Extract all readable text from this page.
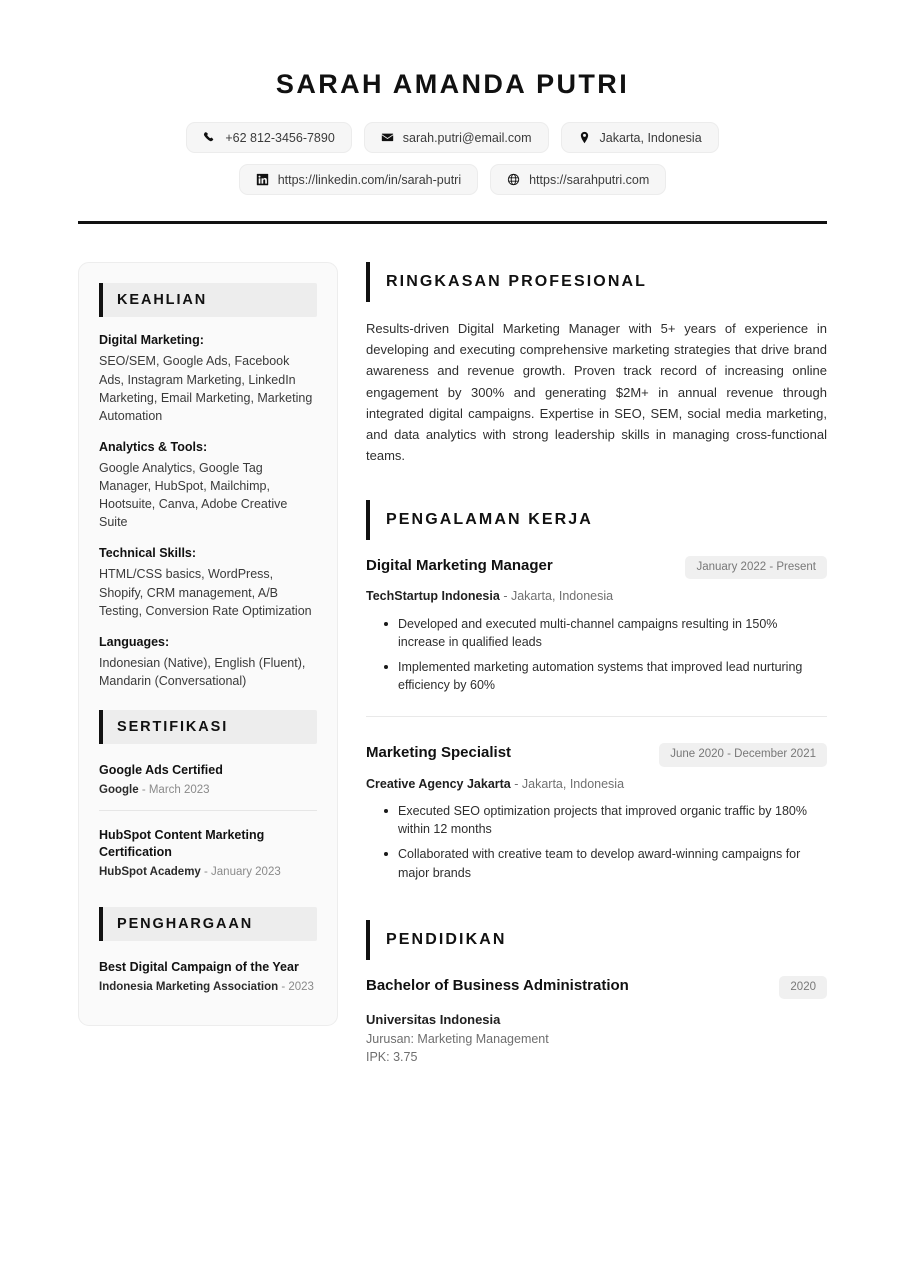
SARAH AMANDA PUTRI
+62 812-3456-7890	sarah.putri@email.com	Jakarta, Indonesia
https://linkedin.com/in/sarah-putri	https://sarahputri.com
KEAHLIAN
Digital Marketing:
SEO/SEM, Google Ads, Facebook Ads, Instagram Marketing, LinkedIn Marketing, Email Marketing, Marketing Automation
Analytics & Tools:
Google Analytics, Google Tag Manager, HubSpot, Mailchimp, Hootsuite, Canva, Adobe Creative Suite
Technical Skills:
HTML/CSS basics, WordPress, Shopify, CRM management, A/B Testing, Conversion Rate Optimization
Languages:
Indonesian (Native), English (Fluent), Mandarin (Conversational)
SERTIFIKASI
Google Ads Certified
Google - March 2023
HubSpot Content Marketing Certification
HubSpot Academy - January 2023
PENGHARGAAN
Best Digital Campaign of the Year
Indonesia Marketing Association - 2023
RINGKASAN PROFESIONAL
Results-driven Digital Marketing Manager with 5+ years of experience in developing and executing comprehensive marketing strategies that drive brand awareness and revenue growth. Proven track record of increasing online engagement by 300% and generating $2M+ in annual revenue through integrated digital campaigns. Expertise in SEO, SEM, social media marketing, and data analytics with strong leadership skills in managing cross-functional teams.
PENGALAMAN KERJA
Digital Marketing Manager	January 2022 - Present
TechStartup Indonesia - Jakarta, Indonesia
Developed and executed multi-channel campaigns resulting in 150% increase in qualified leads
Implemented marketing automation systems that improved lead nurturing efficiency by 60%
Marketing Specialist	June 2020 - December 2021
Creative Agency Jakarta - Jakarta, Indonesia
Executed SEO optimization projects that improved organic traffic by 180% within 12 months
Collaborated with creative team to develop award-winning campaigns for major brands
PENDIDIKAN
Bachelor of Business Administration	2020
Universitas Indonesia
Jurusan: Marketing Management
IPK: 3.75
